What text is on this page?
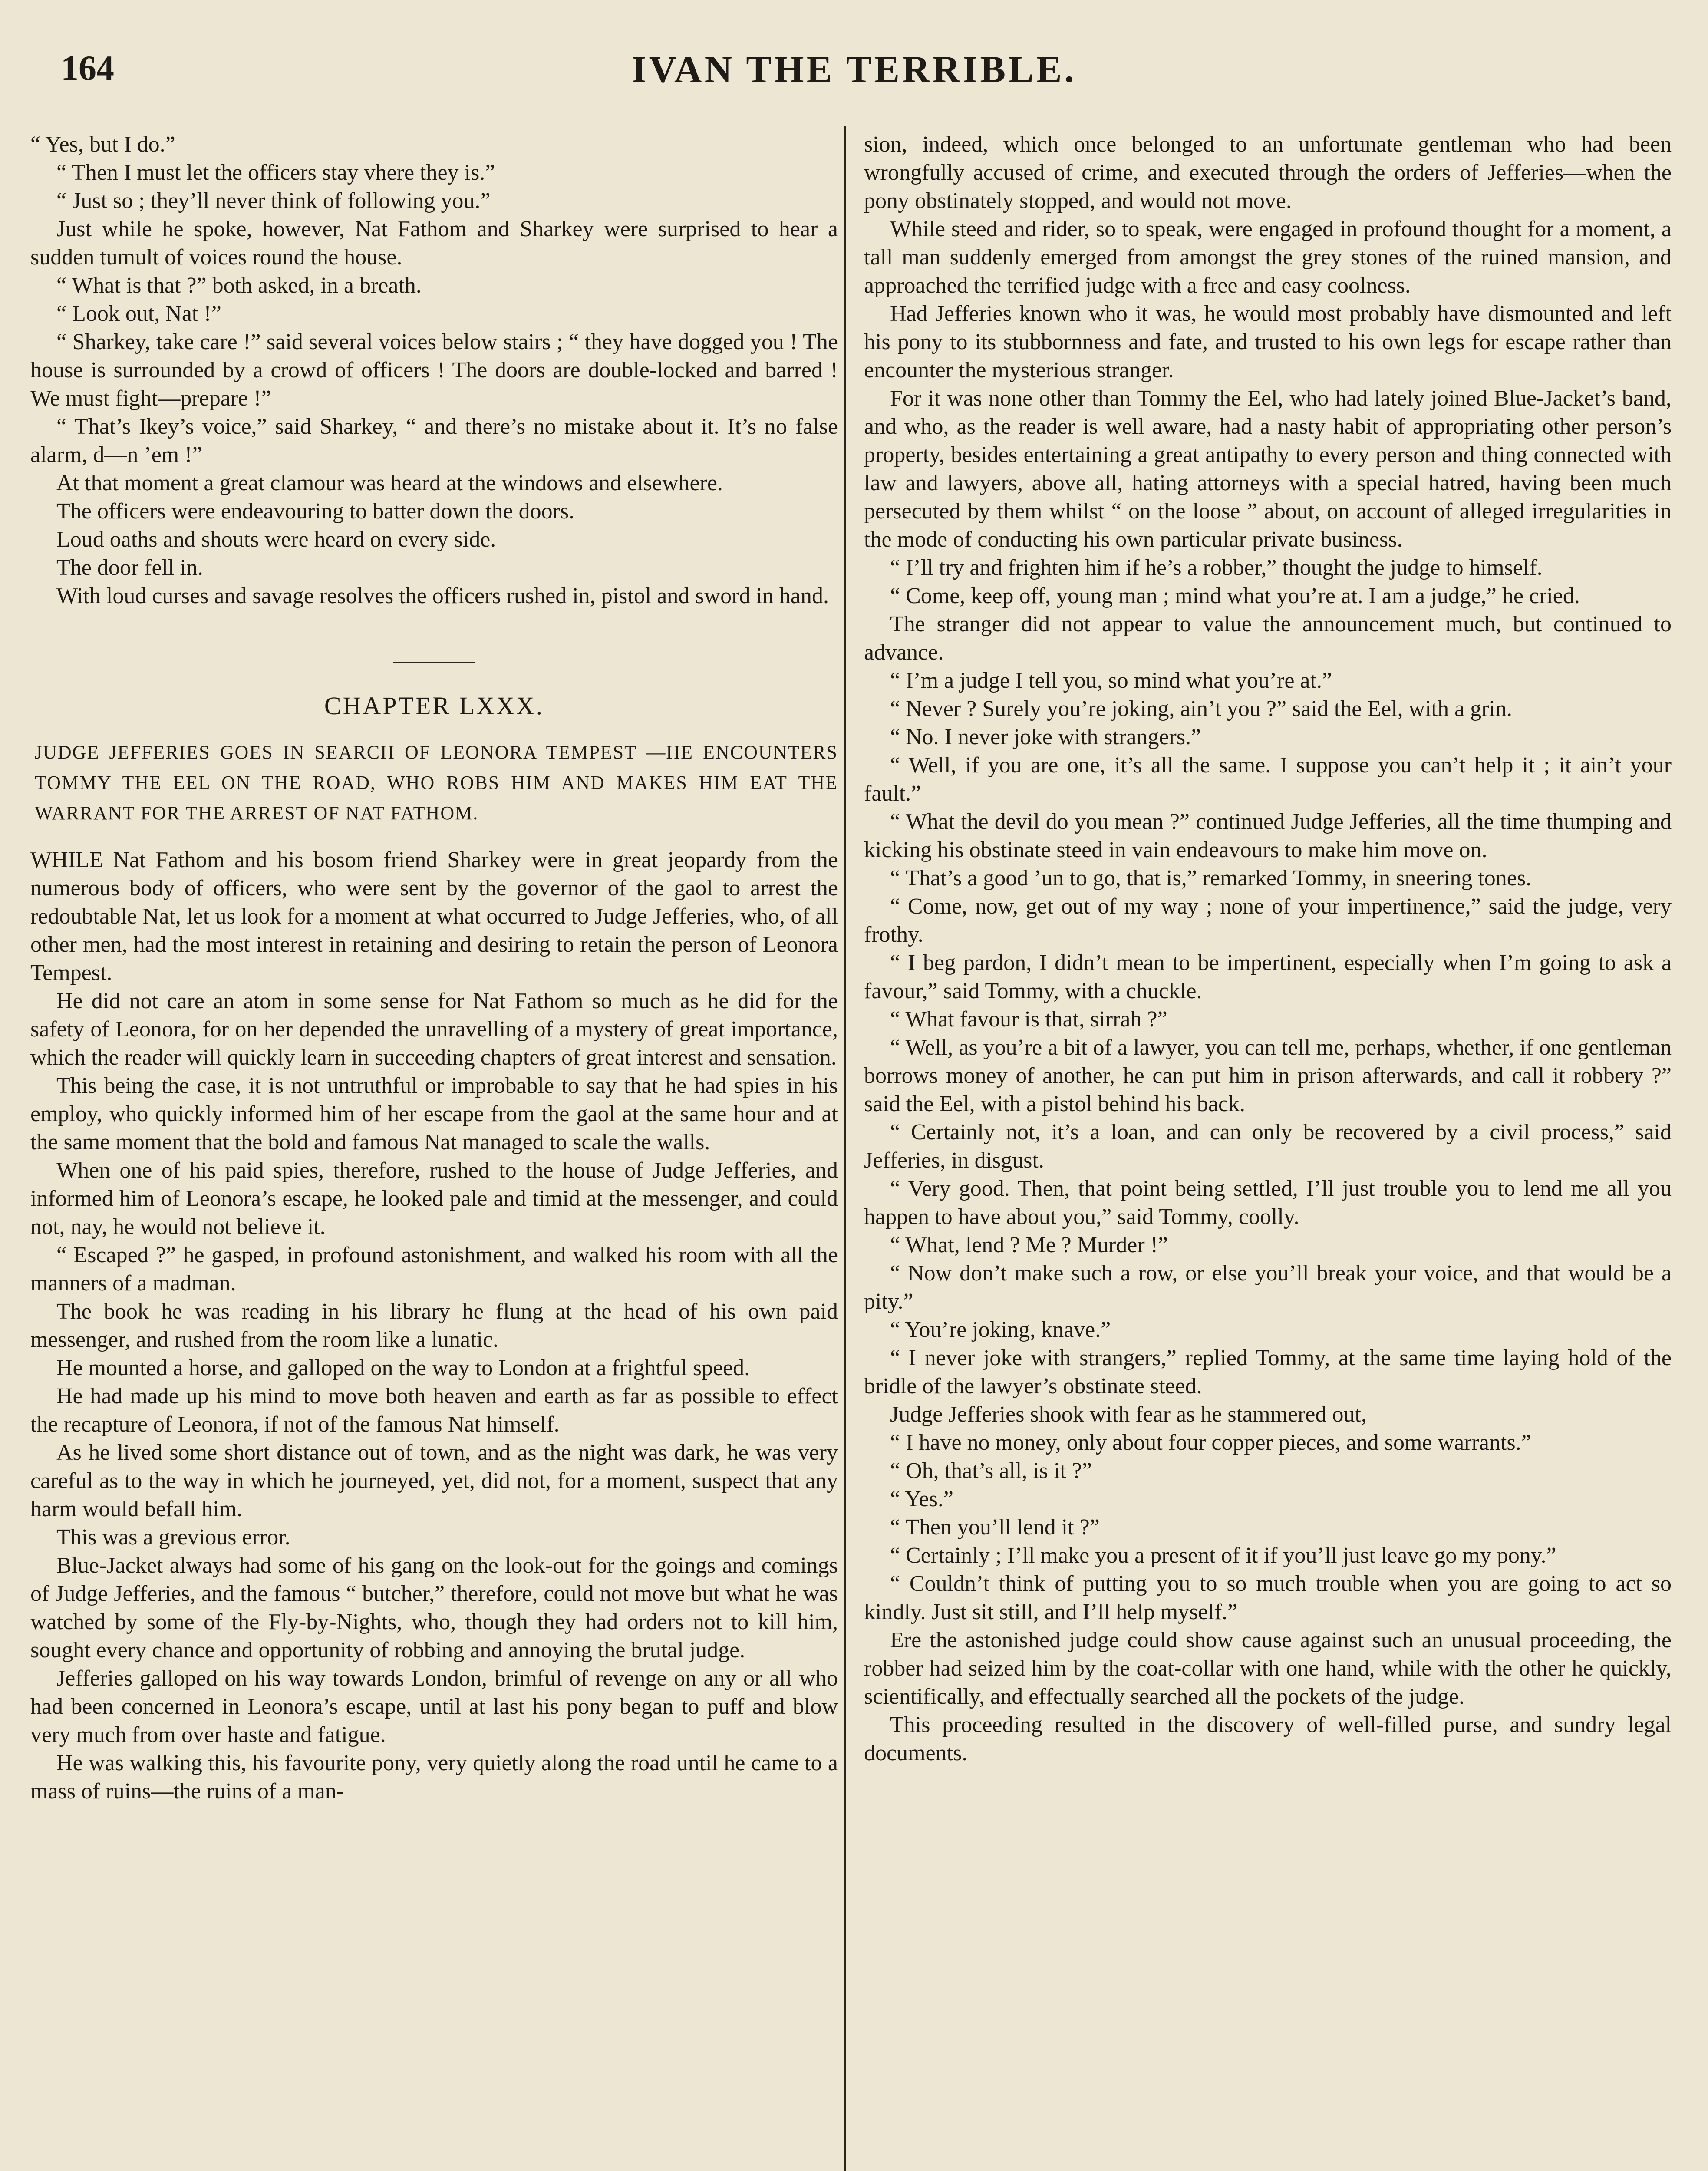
164	IVAN THE TERRIBLE.

“ Yes, but I do.”

“ Then I must let the officers stay vhere they is.”

“ Just so ; they’ll never think of following you.”

Just while he spoke, however, Nat Fathom and Sharkey were surprised to hear a sudden tumult of voices round the house.

“ What is that ?” both asked, in a breath.

“ Look out, Nat !”

“ Sharkey, take care !” said several voices below stairs ; “ they have dogged you ! The house is surrounded by a crowd of officers ! The doors are double-locked and barred ! We must fight—prepare !”

“ That’s Ikey’s voice,” said Sharkey, “ and there’s no mistake about it. It’s no false alarm, d—n ’em !”

At that moment a great clamour was heard at the windows and elsewhere.

The officers were endeavouring to batter down the doors.

Loud oaths and shouts were heard on every side.

The door fell in.

With loud curses and savage resolves the officers rushed in, pistol and sword in hand.

CHAPTER LXXX.
JUDGE JEFFERIES GOES IN SEARCH OF LEONORA TEMPEST —HE ENCOUNTERS TOMMY THE EEL ON THE ROAD, WHO ROBS HIM AND MAKES HIM EAT THE WARRANT FOR THE ARREST OF NAT FATHOM.

WHILE Nat Fathom and his bosom friend Sharkey were in great jeopardy from the numerous body of officers, who were sent by the governor of the gaol to arrest the redoubtable Nat, let us look for a moment at what occurred to Judge Jefferies, who, of all other men, had the most interest in retaining and desiring to retain the person of Leonora Tempest.

He did not care an atom in some sense for Nat Fathom so much as he did for the safety of Leonora, for on her depended the unravelling of a mystery of great importance, which the reader will quickly learn in succeeding chapters of great interest and sensation.

This being the case, it is not untruthful or improbable to say that he had spies in his employ, who quickly informed him of her escape from the gaol at the same hour and at the same moment that the bold and famous Nat managed to scale the walls.

When one of his paid spies, therefore, rushed to the house of Judge Jefferies, and informed him of Leonora’s escape, he looked pale and timid at the messenger, and could not, nay, he would not believe it.

“ Escaped ?” he gasped, in profound astonishment, and walked his room with all the manners of a madman.

The book he was reading in his library he flung at the head of his own paid messenger, and rushed from the room like a lunatic.

He mounted a horse, and galloped on the way to London at a frightful speed.

He had made up his mind to move both heaven and earth as far as possible to effect the recapture of Leonora, if not of the famous Nat himself.

As he lived some short distance out of town, and as the night was dark, he was very careful as to the way in which he journeyed, yet, did not, for a moment, suspect that any harm would befall him.

This was a grevious error.

Blue-Jacket always had some of his gang on the look-out for the goings and comings of Judge Jefferies, and the famous “ butcher,” therefore, could not move but what he was watched by some of the Fly-by-Nights, who, though they had orders not to kill him, sought every chance and opportunity of robbing and annoying the brutal judge.

Jefferies galloped on his way towards London, brimful of revenge on any or all who had been concerned in Leonora’s escape, until at last his pony began to puff and blow very much from over haste and fatigue.

He was walking this, his favourite pony, very quietly along the road until he came to a mass of ruins—the ruins of a man-

sion, indeed, which once belonged to an unfortunate gentleman who had been wrongfully accused of crime, and executed through the orders of Jefferies—when the pony obstinately stopped, and would not move.

While steed and rider, so to speak, were engaged in profound thought for a moment, a tall man suddenly emerged from amongst the grey stones of the ruined mansion, and approached the terrified judge with a free and easy coolness.

Had Jefferies known who it was, he would most probably have dismounted and left his pony to its stubbornness and fate, and trusted to his own legs for escape rather than encounter the mysterious stranger.

For it was none other than Tommy the Eel, who had lately joined Blue-Jacket’s band, and who, as the reader is well aware, had a nasty habit of appropriating other person’s property, besides entertaining a great antipathy to every person and thing connected with law and lawyers, above all, hating attorneys with a special hatred, having been much persecuted by them whilst “ on the loose ” about, on account of alleged irregularities in the mode of conducting his own particular private business.

“ I’ll try and frighten him if he’s a robber,” thought the judge to himself.

“ Come, keep off, young man ; mind what you’re at. I am a judge,” he cried.

The stranger did not appear to value the announcement much, but continued to advance.

“ I’m a judge I tell you, so mind what you’re at.”

“ Never ? Surely you’re joking, ain’t you ?” said the Eel, with a grin.

“ No. I never joke with strangers.”

“ Well, if you are one, it’s all the same. I suppose you can’t help it ; it ain’t your fault.”

“ What the devil do you mean ?” continued Judge Jefferies, all the time thumping and kicking his obstinate steed in vain endeavours to make him move on.

“ That’s a good ’un to go, that is,” remarked Tommy, in sneering tones.

“ Come, now, get out of my way ; none of your impertinence,” said the judge, very frothy.

“ I beg pardon, I didn’t mean to be impertinent, especially when I’m going to ask a favour,” said Tommy, with a chuckle.

“ What favour is that, sirrah ?”

“ Well, as you’re a bit of a lawyer, you can tell me, perhaps, whether, if one gentleman borrows money of another, he can put him in prison afterwards, and call it robbery ?” said the Eel, with a pistol behind his back.

“ Certainly not, it’s a loan, and can only be recovered by a civil process,” said Jefferies, in disgust.

“ Very good. Then, that point being settled, I’ll just trouble you to lend me all you happen to have about you,” said Tommy, coolly.

“ What, lend ? Me ? Murder !”

“ Now don’t make such a row, or else you’ll break your voice, and that would be a pity.”

“ You’re joking, knave.”

“ I never joke with strangers,” replied Tommy, at the same time laying hold of the bridle of the lawyer’s obstinate steed.

Judge Jefferies shook with fear as he stammered out,

“ I have no money, only about four copper pieces, and some warrants.”

“ Oh, that’s all, is it ?”

“ Yes.”

“ Then you’ll lend it ?”

“ Certainly ; I’ll make you a present of it if you’ll just leave go my pony.”

“ Couldn’t think of putting you to so much trouble when you are going to act so kindly. Just sit still, and I’ll help myself.”

Ere the astonished judge could show cause against such an unusual proceeding, the robber had seized him by the coat-collar with one hand, while with the other he quickly, scientifically, and effectually searched all the pockets of the judge.

This proceeding resulted in the discovery of well-filled purse, and sundry legal documents.
